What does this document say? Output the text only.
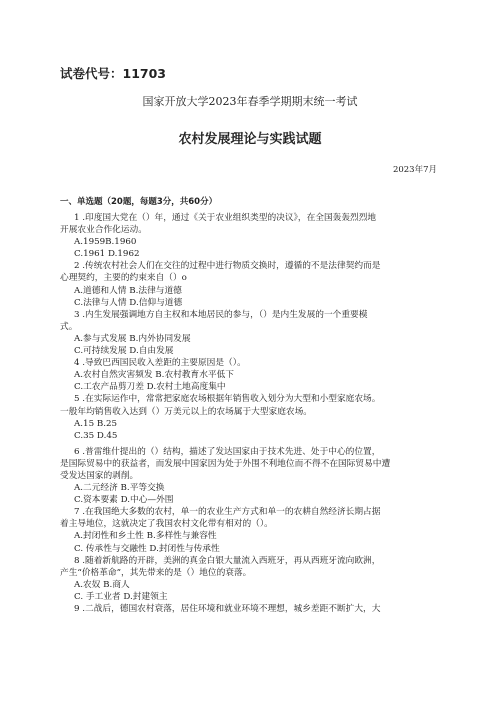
试卷代号：11703
国家开放大学2023年春季学期期末统一考试
农村发展理论与实践试题
2023年7月
一、单选题（20题，每题3分，共60分）
1 .印度国大党在（）年，通过《关于农业组织类型的决议》，在全国轰轰烈烈地
开展农业合作化运动。
A.1959B.1960
C.1961 D.1962
2 .传统农村社会人们在交往的过程中进行物质交换时，遵循的不是法律契约而是
心理契约，主要的约束来自（）o
A.道德和人情 B.法律与道德
C.法律与人情 D.信仰与道德
3 .内生发展强调地方自主权和本地居民的参与，（）是内生发展的一个重要模
式。
A.参与式发展 B.内外协同发展
C.可持续发展 D.自由发展
4 .导致巴西国民收入差距的主要原因是（）。
A.农村自然灾害频发 B.农村教育水平低下
C.工农产品剪刀差 D.农村土地高度集中
5 .在实际运作中，常常把家庭农场根据年销售收入划分为大型和小型家庭农场。
一般年均销售收入达到（）万美元以上的农场属于大型家庭农场。
A.15 B.25
C.35 D.45
6 .普雷维什提出的（）结构，描述了发达国家由于技术先进、处于中心的位置，
是国际贸易中的获益者，而发展中国家因为处于外围不利地位而不得不在国际贸易中遭
受发达国家的剥削。
A.二元经济 B.平等交换
C.资本要素 D.中心—外围
7 .在我国绝大多数的农村，单一的农业生产方式和单一的农耕自然经济长期占据
着主导地位，这就决定了我国农村文化带有相对的（）。
A.封闭性和乡土性 B.多样性与兼容性
C. 传承性与交融性 D.封闭性与传承性
8 .随着新航路的开辟，美洲的真金白银大量流入西班牙，再从西班牙流向欧洲，
产生“价格革命”，其先带来的是（）地位的衰落。
A.农奴 B.商人
C. 手工业者 D.封建领主
9 .二战后，德国农村衰落，居住环境和就业环境不理想，城乡差距不断扩大，大
